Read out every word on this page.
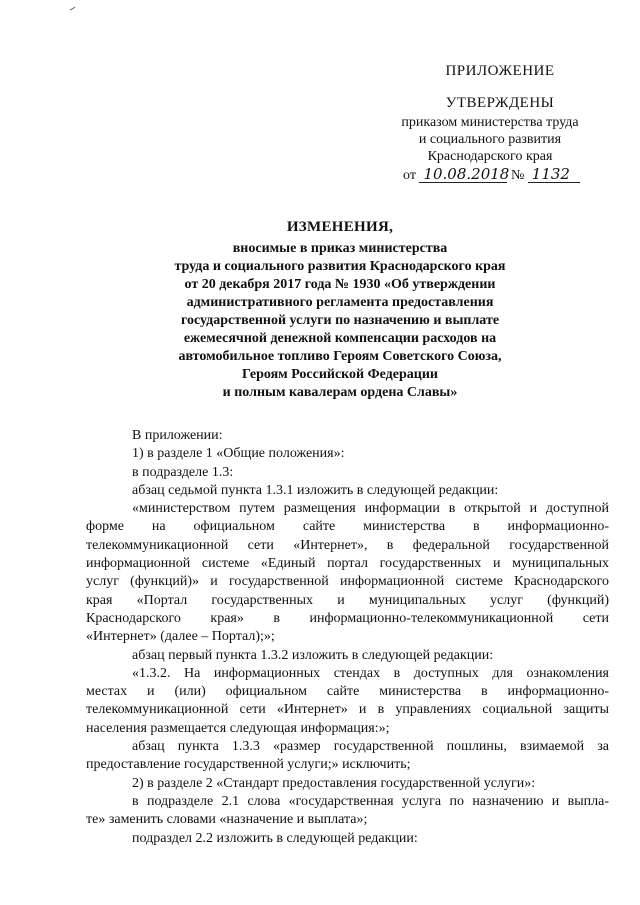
ПРИЛОЖЕНИЕ
УТВЕРЖДЕНЫ
приказом министерства труда
и социального развития
Краснодарского края
от 10.08.2018 № 1132
ИЗМЕНЕНИЯ,
вносимые в приказ министерства
труда и социального развития Краснодарского края
от 20 декабря 2017 года № 1930 «Об утверждении
административного регламента предоставления
государственной услуги по назначению и выплате
ежемесячной денежной компенсации расходов на
автомобильное топливо Героям Советского Союза,
Героям Российской Федерации
и полным кавалерам ордена Славы»

В приложении:

1) в разделе 1 «Общие положения»:

в подразделе 1.3:

абзац седьмой пункта 1.3.1 изложить в следующей редакции:

«министерством путем размещения информации в открытой и доступной

форме на официальном сайте министерства в информационно-

телекоммуникационной сети «Интернет», в федеральной государственной

информационной системе «Единый портал государственных и муниципальных

услуг (функций)» и государственной информационной системе Краснодарского

края «Портал государственных и муниципальных услуг (функций)

Краснодарского края» в информационно-телекоммуникационной сети

«Интернет» (далее – Портал);»;

абзац первый пункта 1.3.2 изложить в следующей редакции:

«1.3.2. На информационных стендах в доступных для ознакомления

местах и (или) официальном сайте министерства в информационно-

телекоммуникационной сети «Интернет» и в управлениях социальной защиты

населения размещается следующая информация:»;

абзац пункта 1.3.3 «размер государственной пошлины, взимаемой за

предоставление государственной услуги;» исключить;

2) в разделе 2 «Стандарт предоставления государственной услуги»:

в подразделе 2.1 слова «государственная услуга по назначению и выпла-

те» заменить словами «назначение и выплата»;

подраздел 2.2 изложить в следующей редакции:
